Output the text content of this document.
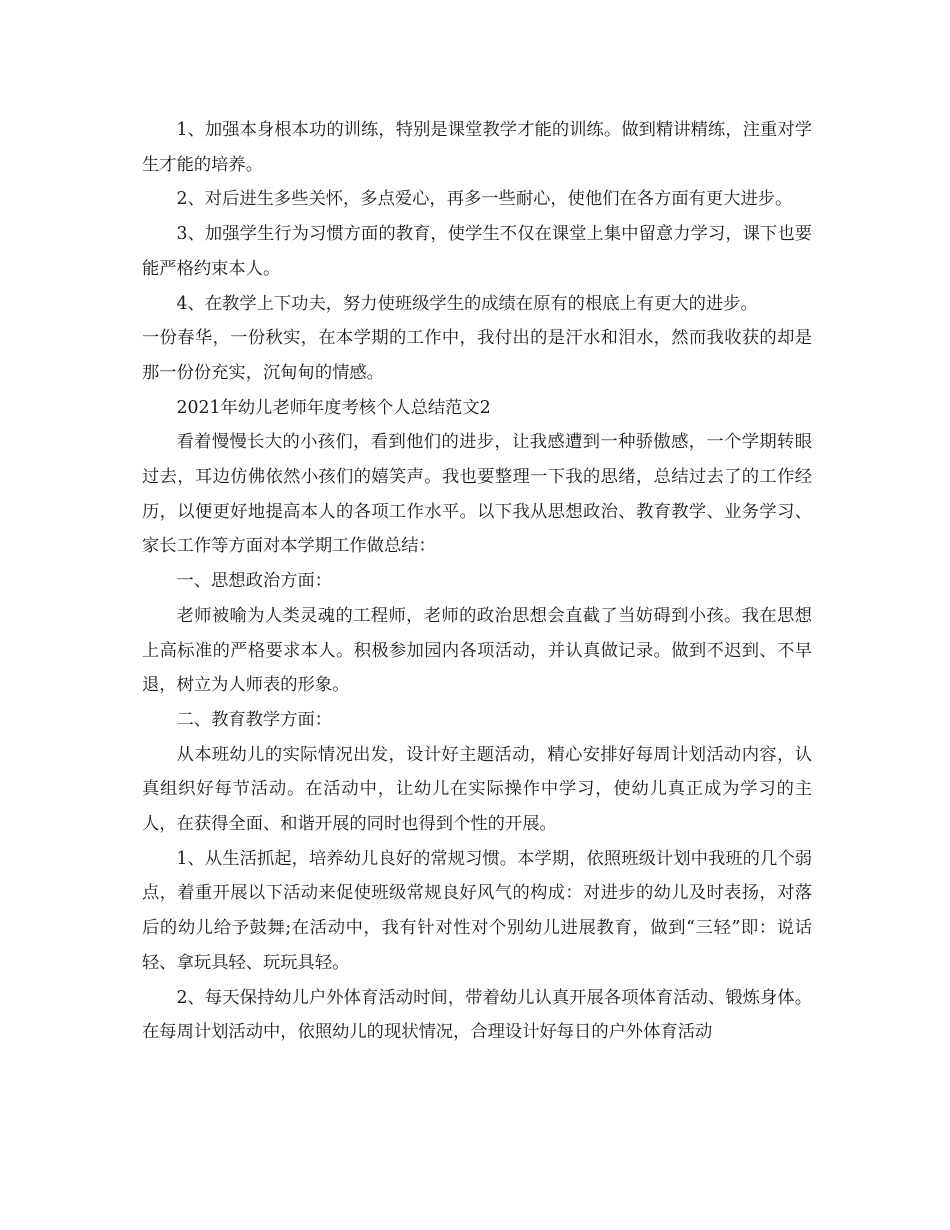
1、加强本身根本功的训练，特别是课堂教学才能的训练。做到精讲精练，注重对学生才能的培养。

2、对后进生多些关怀，多点爱心，再多一些耐心，使他们在各方面有更大进步。

3、加强学生行为习惯方面的教育，使学生不仅在课堂上集中留意力学习，课下也要能严格约束本人。

4、在教学上下功夫，努力使班级学生的成绩在原有的根底上有更大的进步。

一份春华，一份秋实，在本学期的工作中，我付出的是汗水和泪水，然而我收获的却是那一份份充实，沉甸甸的情感。

2021年幼儿老师年度考核个人总结范文2

看着慢慢长大的小孩们，看到他们的进步，让我感遭到一种骄傲感，一个学期转眼过去，耳边仿佛依然小孩们的嬉笑声。我也要整理一下我的思绪，总结过去了的工作经历，以便更好地提高本人的各项工作水平。以下我从思想政治、教育教学、业务学习、家长工作等方面对本学期工作做总结：

一、思想政治方面：

老师被喻为人类灵魂的工程师，老师的政治思想会直截了当妨碍到小孩。我在思想上高标准的严格要求本人。积极参加园内各项活动，并认真做记录。做到不迟到、不早退，树立为人师表的形象。

二、教育教学方面：

从本班幼儿的实际情况出发，设计好主题活动，精心安排好每周计划活动内容，认真组织好每节活动。在活动中，让幼儿在实际操作中学习，使幼儿真正成为学习的主人，在获得全面、和谐开展的同时也得到个性的开展。

1、从生活抓起，培养幼儿良好的常规习惯。本学期，依照班级计划中我班的几个弱点，着重开展以下活动来促使班级常规良好风气的构成：对进步的幼儿及时表扬，对落后的幼儿给予鼓舞;在活动中，我有针对性对个别幼儿进展教育，做到“三轻”即：说话轻、拿玩具轻、玩玩具轻。

2、每天保持幼儿户外体育活动时间，带着幼儿认真开展各项体育活动、锻炼身体。在每周计划活动中，依照幼儿的现状情况，合理设计好每日的户外体育活动
